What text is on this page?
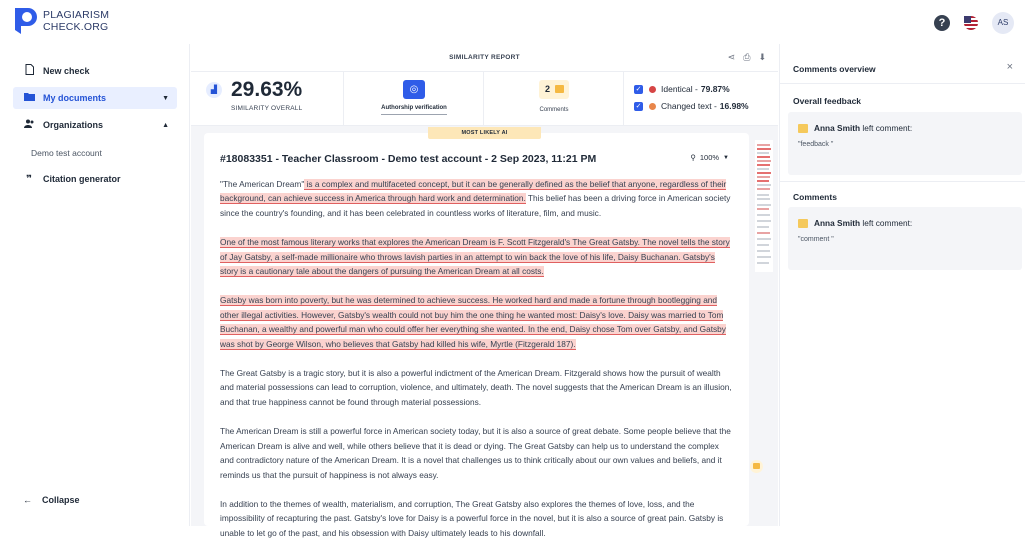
PLAGIARISM
CHECK.ORG	?	AS
New check
My documents	▼
Organizations	▲
Demo test account
❞	Citation generator
← Collapse
SIMILARITY REPORT	⋖ ⎙ ⬇
▟ 29.63%
SIMILARITY OVERALL
◎
Authorship verification
2
Comments
✓ Identical - 79.87%
✓ Changed text - 16.98%
#18083351 - Teacher Classroom - Demo test account - 2 Sep 2023, 11:21 PM	⚲ 100% ▼

"The American Dream" is a complex and multifaceted concept, but it can be generally defined as the belief that anyone, regardless of their background, can achieve success in America through hard work and determination. This belief has been a driving force in American society since the country's founding, and it has been celebrated in countless works of literature, film, and music.

One of the most famous literary works that explores the American Dream is F. Scott Fitzgerald's The Great Gatsby. The novel tells the story of Jay Gatsby, a self-made millionaire who throws lavish parties in an attempt to win back the love of his life, Daisy Buchanan. Gatsby's story is a cautionary tale about the dangers of pursuing the American Dream at all costs.

Gatsby was born into poverty, but he was determined to achieve success. He worked hard and made a fortune through bootlegging and other illegal activities. However, Gatsby's wealth could not buy him the one thing he wanted most: Daisy's love. Daisy was married to Tom Buchanan, a wealthy and powerful man who could offer her everything she wanted. In the end, Daisy chose Tom over Gatsby, and Gatsby was shot by George Wilson, who believes that Gatsby had killed his wife, Myrtle (Fitzgerald 187).

The Great Gatsby is a tragic story, but it is also a powerful indictment of the American Dream. Fitzgerald shows how the pursuit of wealth and material possessions can lead to corruption, violence, and ultimately, death. The novel suggests that the American Dream is an illusion, and that true happiness cannot be found through material possessions.

The American Dream is still a powerful force in American society today, but it is also a source of great debate. Some people believe that the American Dream is alive and well, while others believe that it is dead or dying. The Great Gatsby can help us to understand the complex and contradictory nature of the American Dream. It is a novel that challenges us to think critically about our own values and beliefs, and it reminds us that the pursuit of happiness is not always easy.

In addition to the themes of wealth, materialism, and corruption, The Great Gatsby also explores the themes of love, loss, and the impossibility of recapturing the past. Gatsby's love for Daisy is a powerful force in the novel, but it is also a source of great pain. Gatsby is unable to let go of the past, and his obsession with Daisy ultimately leads to his downfall.

MOST LIKELY AI
Comments overview	×
Overall feedback
Anna Smith left comment:
"feedback "
Comments
Anna Smith left comment:
"comment "
